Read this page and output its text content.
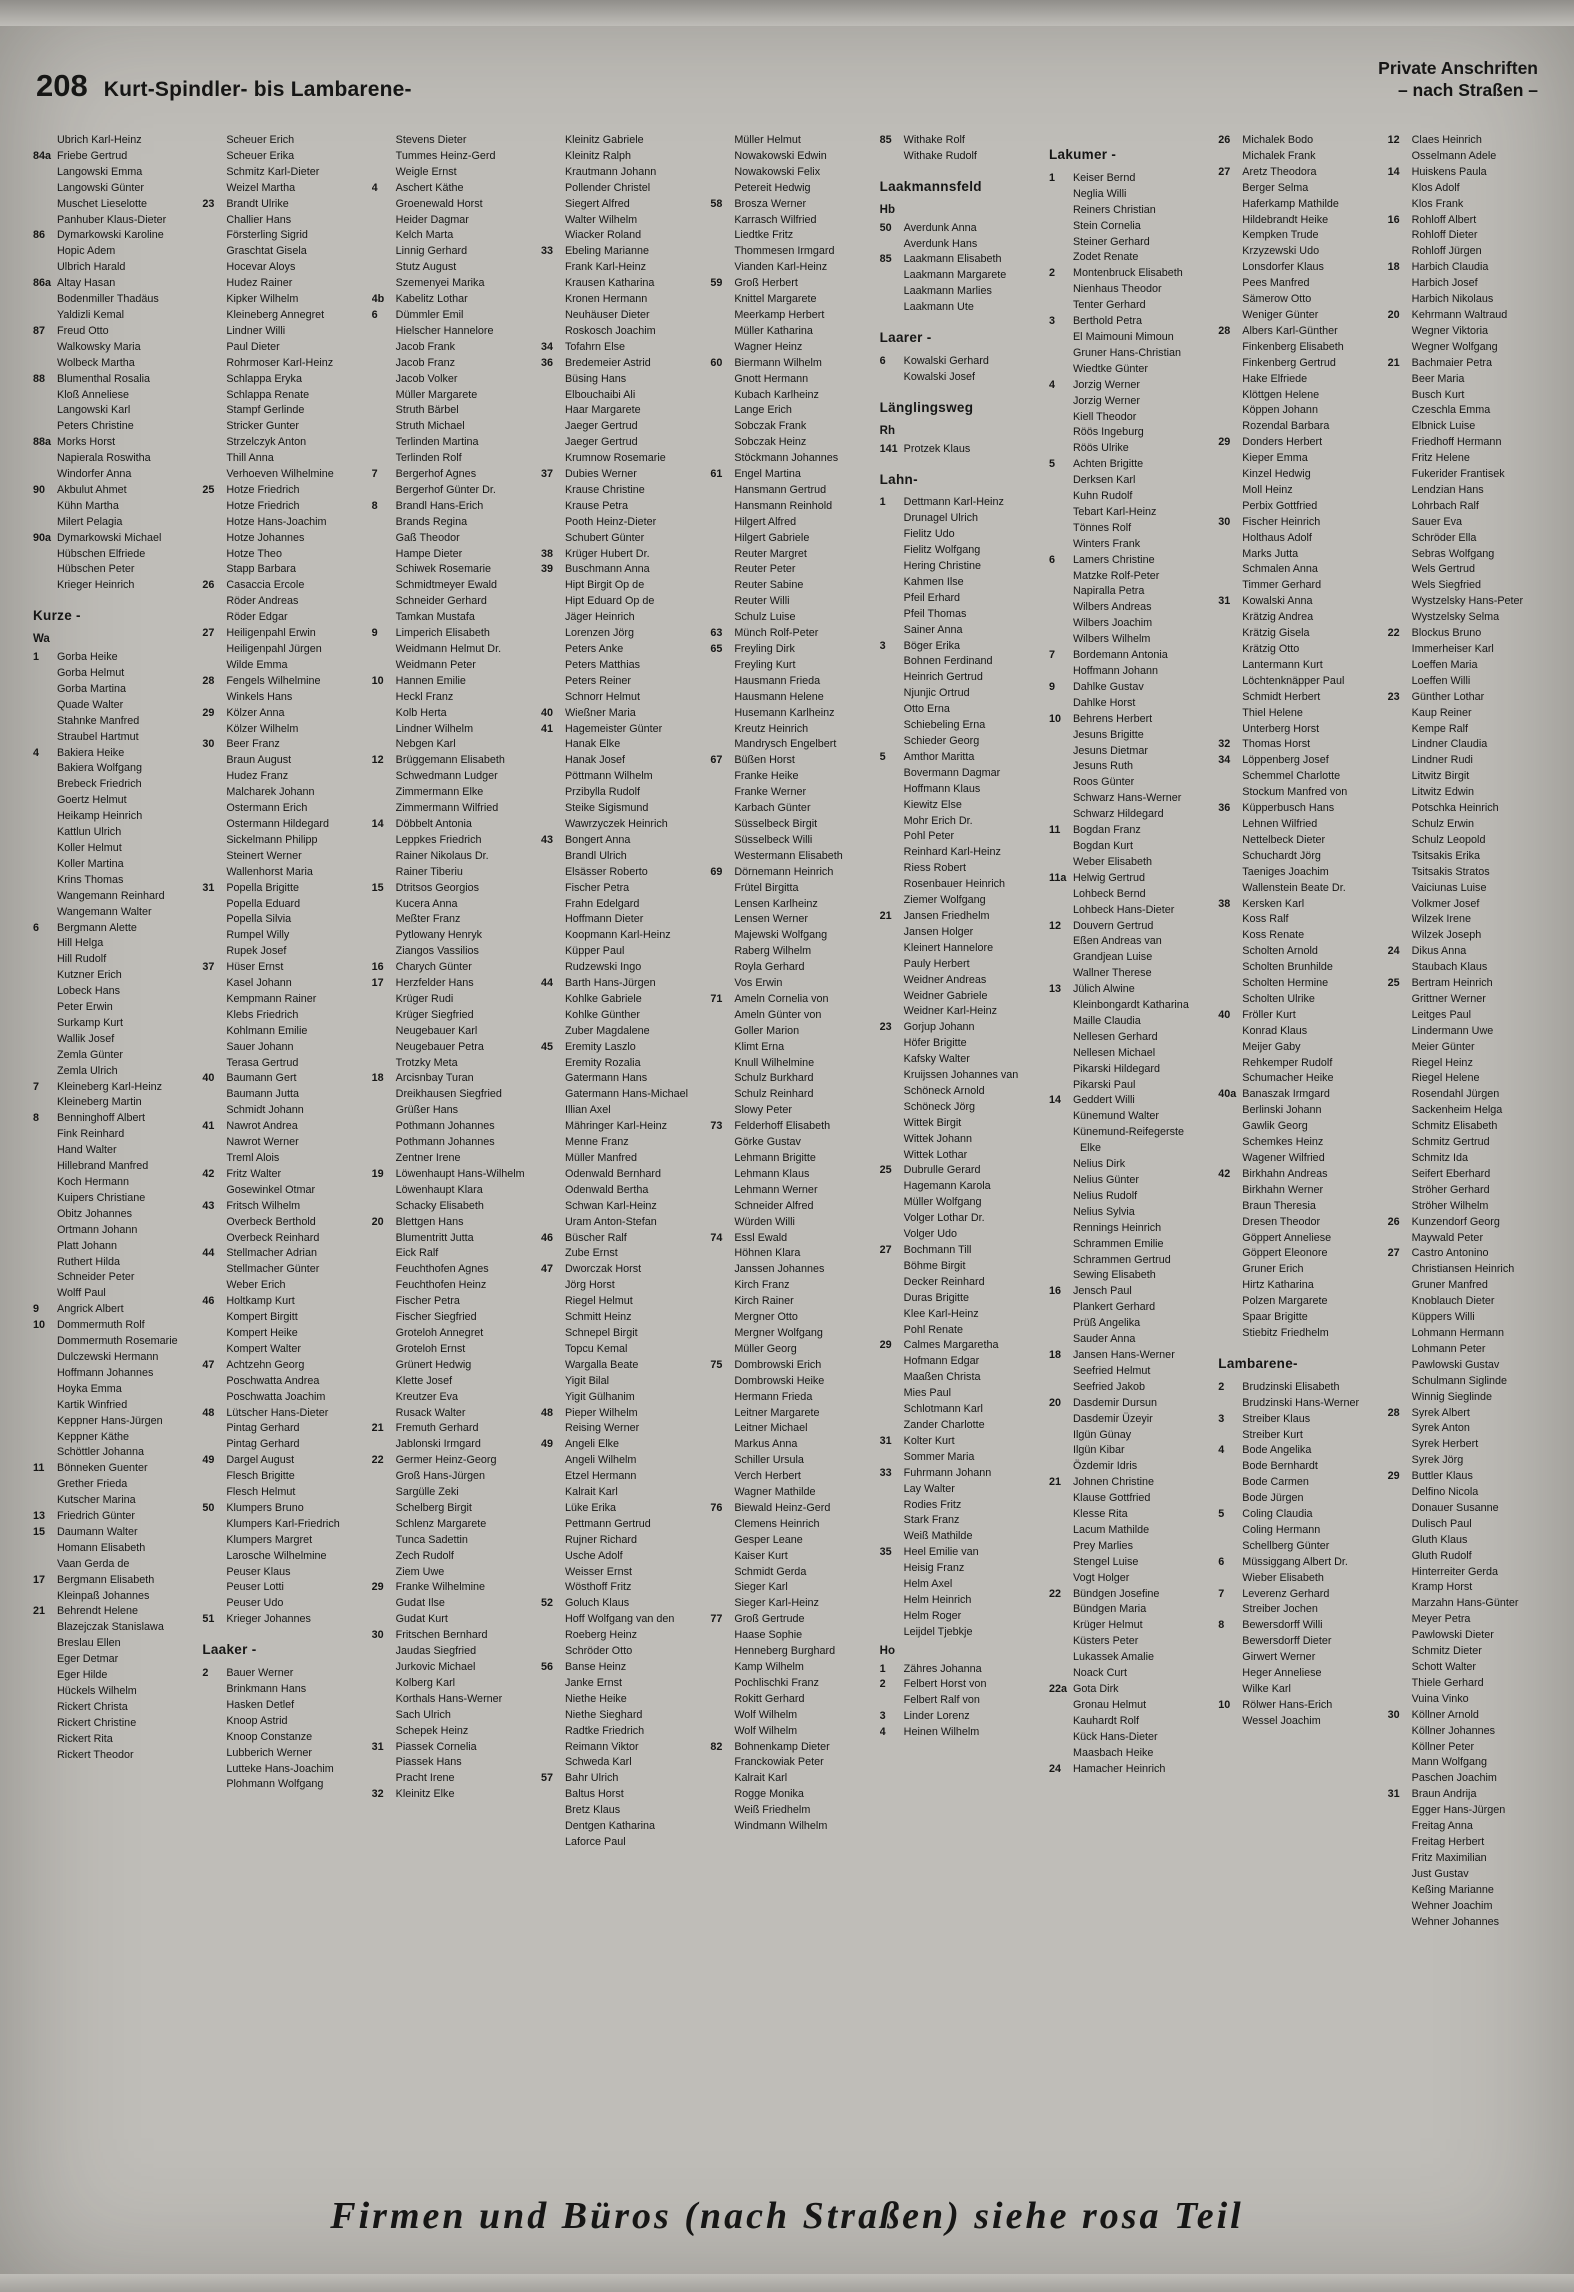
208 Kurt-Spindler- bis Lambarene-
Private Anschriften
– nach Straßen –
Ubrich Karl-Heinz
84a Friebe Gertrud
Langowski Emma
Langowski Günter
Muschet Lieselotte
Panhuber Klaus-Dieter
86	Dymarkowski Karoline
Hopic Adem
Ulbrich Harald
86a Altay Hasan
Bodenmiller Thadäus
Yaldizli Kemal
87	Freud Otto
Walkowsky Maria
Wolbeck Martha
88	Blumenthal Rosalia
Kloß Anneliese
Langowski Karl
Peters Christine
88a Morks Horst
Napierala Roswitha
Windorfer Anna
90	Akbulut Ahmet
Kühn Martha
Milert Pelagia
90a Dymarkowski Michael
Hübschen Elfriede
Hübschen Peter
Krieger Heinrich
Kurze -
Wa
1	Gorba Heike
Gorba Helmut
Gorba Martina
Quade Walter
Stahnke Manfred
Straubel Hartmut
4	Bakiera Heike
Bakiera Wolfgang
Brebeck Friedrich
Goertz Helmut
Heikamp Heinrich
Kattlun Ulrich
Koller Helmut
Koller Martina
Krins Thomas
Wangemann Reinhard
Wangemann Walter
6	Bergmann Alette
Hill Helga
Hill Rudolf
Kutzner Erich
Lobeck Hans
Peter Erwin
Surkamp Kurt
Wallik Josef
Zemla Günter
Zemla Ulrich
7	Kleineberg Karl-Heinz
Kleineberg Martin
8	Benninghoff Albert
Fink Reinhard
Hand Walter
Hillebrand Manfred
Koch Hermann
Kuipers Christiane
Obitz Johannes
Ortmann Johann
Platt Johann
Ruthert Hilda
Schneider Peter
Wolff Paul
9	Angrick Albert
10	Dommermuth Rolf
Dommermuth Rosemarie
Dulczewski Hermann
Hoffmann Johannes
Hoyka Emma
Kartik Winfried
Keppner Hans-Jürgen
Keppner Käthe
Schöttler Johanna
11	Bönneken Guenter
Grether Frieda
Kutscher Marina
13	Friedrich Günter
15	Daumann Walter
Homann Elisabeth
Vaan Gerda de
17	Bergmann Elisabeth
Kleinpaß Johannes
21	Behrendt Helene
Blazejczak Stanislawa
Breslau Ellen
Eger Detmar
Eger Hilde
Hückels Wilhelm
Rickert Christa
Rickert Christine
Rickert Rita
Rickert Theodor
Scheuer Erich
Scheuer Erika
Schmitz Karl-Dieter
Weizel Martha
23	Brandt Ulrike
Challier Hans
Försterling Sigrid
Graschtat Gisela
Hocevar Aloys
Hudez Rainer
Kipker Wilhelm
Kleineberg Annegret
Lindner Willi
Paul Dieter
Rohrmoser Karl-Heinz
Schlappa Eryka
Schlappa Renate
Stampf Gerlinde
Stricker Gunter
Strzelczyk Anton
Thill Anna
Verhoeven Wilhelmine
25	Hotze Friedrich
Hotze Friedrich
Hotze Hans-Joachim
Hotze Johannes
Hotze Theo
Stapp Barbara
26	Casaccia Ercole
Röder Andreas
Röder Edgar
27	Heiligenpahl Erwin
Heiligenpahl Jürgen
Wilde Emma
28	Fengels Wilhelmine
Winkels Hans
29	Kölzer Anna
Kölzer Wilhelm
30	Beer Franz
Braun August
Hudez Franz
Malcharek Johann
Ostermann Erich
Ostermann Hildegard
Sickelmann Philipp
Steinert Werner
Wallenhorst Maria
31	Popella Brigitte
Popella Eduard
Popella Silvia
Rumpel Willy
Rupek Josef
37	Hüser Ernst
Kasel Johann
Kempmann Rainer
Klebs Friedrich
Kohlmann Emilie
Sauer Johann
Terasa Gertrud
40	Baumann Gert
Baumann Jutta
Schmidt Johann
41	Nawrot Andrea
Nawrot Werner
Treml Alois
42	Fritz Walter
Gosewinkel Otmar
43	Fritsch Wilhelm
Overbeck Berthold
Overbeck Reinhard
44	Stellmacher Adrian
Stellmacher Günter
Weber Erich
46	Holtkamp Kurt
Kompert Birgitt
Kompert Heike
Kompert Walter
47	Achtzehn Georg
Poschwatta Andrea
Poschwatta Joachim
48	Lütscher Hans-Dieter
Pintag Gerhard
Pintag Gerhard
49	Dargel August
Flesch Brigitte
Flesch Helmut
50	Klumpers Bruno
Klumpers Karl-Friedrich
Klumpers Margret
Larosche Wilhelmine
Peuser Klaus
Peuser Lotti
Peuser Udo
51	Krieger Johannes
Laaker -
2	Bauer Werner
Brinkmann Hans
Hasken Detlef
Knoop Astrid
Knoop Constanze
Lubberich Werner
Lutteke Hans-Joachim
Plohmann Wolfgang
Stevens Dieter
Tummes Heinz-Gerd
Weigle Ernst
4	Aschert Käthe
Groenewald Horst
Heider Dagmar
Kelch Marta
Linnig Gerhard
Stutz August
Szemenyei Marika
4b	Kabelitz Lothar
6	Dümmler Emil
Hielscher Hannelore
Jacob Frank
Jacob Franz
Jacob Volker
Müller Margarete
Struth Bärbel
Struth Michael
Terlinden Martina
Terlinden Rolf
7	Bergerhof Agnes
Bergerhof Günter Dr.
8	Brandl Hans-Erich
Brands Regina
Gaß Theodor
Hampe Dieter
Schiwek Rosemarie
Schmidtmeyer Ewald
Schneider Gerhard
Tamkan Mustafa
9	Limperich Elisabeth
Weidmann Helmut Dr.
Weidmann Peter
10	Hannen Emilie
Heckl Franz
Kolb Herta
Lindner Wilhelm
Nebgen Karl
12	Brüggemann Elisabeth
Schwedmann Ludger
Zimmermann Elke
Zimmermann Wilfried
14	Döbbelt Antonia
Leppkes Friedrich
Rainer Nikolaus Dr.
Rainer Tiberiu
15	Dtritsos Georgios
Kucera Anna
Meßter Franz
Pytlowany Henryk
Ziangos Vassilios
16	Charych Günter
17	Herzfelder Hans
Krüger Rudi
Krüger Siegfried
Neugebauer Karl
Neugebauer Petra
Trotzky Meta
18	Arcisnbay Turan
Dreikhausen Siegfried
Grüßer Hans
Pothmann Johannes
Pothmann Johannes
Zentner Irene
19	Löwenhaupt Hans-Wilhelm
Löwenhaupt Klara
Schacky Elisabeth
20	Blettgen Hans
Blumentritt Jutta
Eick Ralf
Feuchthofen Agnes
Feuchthofen Heinz
Fischer Petra
Fischer Siegfried
Groteloh Annegret
Groteloh Ernst
Grünert Hedwig
Klette Josef
Kreutzer Eva
Rusack Walter
21	Fremuth Gerhard
Jablonski Irmgard
22	Germer Heinz-Georg
Groß Hans-Jürgen
Sargülle Zeki
Schelberg Birgit
Schlenz Margarete
Tunca Sadettin
Zech Rudolf
Ziem Uwe
29	Franke Wilhelmine
Gudat Ilse
Gudat Kurt
30	Fritschen Bernhard
Jaudas Siegfried
Jurkovic Michael
Kolberg Karl
Korthals Hans-Werner
Sach Ulrich
Schepek Heinz
31	Piassek Cornelia
Piassek Hans
Pracht Irene
32	Kleinitz Elke
Kleinitz Gabriele
Kleinitz Ralph
Krautmann Johann
Pollender Christel
Siegert Alfred
Walter Wilhelm
Wiacker Roland
33	Ebeling Marianne
Frank Karl-Heinz
Krausen Katharina
Kronen Hermann
Neuhäuser Dieter
Roskosch Joachim
34	Tofahrn Else
36	Bredemeier Astrid
Büsing Hans
Elbouchaibi Ali
Haar Margarete
Jaeger Gertrud
Jaeger Gertrud
Krumnow Rosemarie
37	Dubies Werner
Krause Christine
Krause Petra
Pooth Heinz-Dieter
Schubert Günter
38	Krüger Hubert Dr.
39	Buschmann Anna
Hipt Birgit Op de
Hipt Eduard Op de
Jäger Heinrich
Lorenzen Jörg
Peters Anke
Peters Matthias
Peters Reiner
Schnorr Helmut
40	Wießner Maria
41	Hagemeister Günter
Hanak Elke
Hanak Josef
Pöttmann Wilhelm
Przibylla Rudolf
Steike Sigismund
Wawrzyczek Heinrich
43	Bongert Anna
Brandl Ulrich
Elsässer Roberto
Fischer Petra
Frahn Edelgard
Hoffmann Dieter
Koopmann Karl-Heinz
Küpper Paul
Rudzewski Ingo
44	Barth Hans-Jürgen
Kohlke Gabriele
Kohlke Günther
Zuber Magdalene
45	Eremity Laszlo
Eremity Rozalia
Gatermann Hans
Gatermann Hans-Michael
Illian Axel
Mähringer Karl-Heinz
Menne Franz
Müller Manfred
Odenwald Bernhard
Odenwald Bertha
Schwan Karl-Heinz
Uram Anton-Stefan
46	Büscher Ralf
Zube Ernst
47	Dworczak Horst
Jörg Horst
Riegel Helmut
Schmitt Heinz
Schnepel Birgit
Topcu Kemal
Wargalla Beate
Yigit Bilal
Yigit Gülhanim
48	Pieper Wilhelm
Reising Werner
49	Angeli Elke
Angeli Wilhelm
Etzel Hermann
Kalrait Karl
Lüke Erika
Pettmann Gertrud
Rujner Richard
Usche Adolf
Weisser Ernst
Wösthoff Fritz
52	Goluch Klaus
Hoff Wolfgang van den
Roeberg Heinz
Schröder Otto
56	Banse Heinz
Janke Ernst
Niethe Heike
Niethe Sieghard
Radtke Friedrich
Reimann Viktor
Schweda Karl
57	Bahr Ulrich
Baltus Horst
Bretz Klaus
Dentgen Katharina
Laforce Paul
Müller Helmut
Nowakowski Edwin
Nowakowski Felix
Petereit Hedwig
58	Brosza Werner
Karrasch Wilfried
Liedtke Fritz
Thommesen Irmgard
Vianden Karl-Heinz
59	Groß Herbert
Knittel Margarete
Meerkamp Herbert
Müller Katharina
Wagner Heinz
60	Biermann Wilhelm
Gnott Hermann
Kubach Karlheinz
Lange Erich
Sobczak Frank
Sobczak Heinz
Stöckmann Johannes
61	Engel Martina
Hansmann Gertrud
Hansmann Reinhold
Hilgert Alfred
Hilgert Gabriele
Reuter Margret
Reuter Peter
Reuter Sabine
Reuter Willi
Schulz Luise
63	Münch Rolf-Peter
65	Freyling Dirk
Freyling Kurt
Hausmann Frieda
Hausmann Helene
Husemann Karlheinz
Kreutz Heinrich
Mandrysch Engelbert
67	Büßen Horst
Franke Heike
Franke Werner
Karbach Günter
Süsselbeck Birgit
Süsselbeck Willi
Westermann Elisabeth
69	Dörnemann Heinrich
Frütel Birgitta
Lensen Karlheinz
Lensen Werner
Majewski Wolfgang
Raberg Wilhelm
Royla Gerhard
Vos Erwin
71	Ameln Cornelia von
Ameln Günter von
Goller Marion
Klimt Erna
Knull Wilhelmine
Schulz Burkhard
Schulz Reinhard
Slowy Peter
73	Felderhoff Elisabeth
Görke Gustav
Lehmann Brigitte
Lehmann Klaus
Lehmann Werner
Schneider Alfred
Würden Willi
74	Essl Ewald
Höhnen Klara
Janssen Johannes
Kirch Franz
Kirch Rainer
Mergner Otto
Mergner Wolfgang
Müller Georg
75	Dombrowski Erich
Dombrowski Heike
Hermann Frieda
Leitner Margarete
Leitner Michael
Markus Anna
Schiller Ursula
Verch Herbert
Wagner Mathilde
76	Biewald Heinz-Gerd
Clemens Heinrich
Gesper Leane
Kaiser Kurt
Schmidt Gerda
Sieger Karl
Sieger Karl-Heinz
77	Groß Gertrude
Haase Sophie
Henneberg Burghard
Kamp Wilhelm
Pochlischki Franz
Rokitt Gerhard
Wolf Wilhelm
Wolf Wilhelm
82	Bohnenkamp Dieter
Franckowiak Peter
Kalrait Karl
Rogge Monika
Weiß Friedhelm
Windmann Wilhelm
85	Withake Rolf
Withake Rudolf
Laakmannsfeld
Hb
50	Averdunk Anna
Averdunk Hans
85	Laakmann Elisabeth
Laakmann Margarete
Laakmann Marlies
Laakmann Ute
Laarer -
6	Kowalski Gerhard
Kowalski Josef
Länglingsweg
Rh
141 Protzek Klaus
Lahn-
1	Dettmann Karl-Heinz
Drunagel Ulrich
Fielitz Udo
Fielitz Wolfgang
Hering Christine
Kahmen Ilse
Pfeil Erhard
Pfeil Thomas
Sainer Anna
3	Böger Erika
Bohnen Ferdinand
Heinrich Gertrud
Njunjic Ortrud
Otto Erna
Schiebeling Erna
Schieder Georg
5	Amthor Maritta
Bovermann Dagmar
Hoffmann Klaus
Kiewitz Else
Mohr Erich Dr.
Pohl Peter
Reinhard Karl-Heinz
Riess Robert
Rosenbauer Heinrich
Ziemer Wolfgang
21	Jansen Friedhelm
Jansen Holger
Kleinert Hannelore
Pauly Herbert
Weidner Andreas
Weidner Gabriele
Weidner Karl-Heinz
23	Gorjup Johann
Höfer Brigitte
Kafsky Walter
Kruijssen Johannes van
Schöneck Arnold
Schöneck Jörg
Wittek Birgit
Wittek Johann
Wittek Lothar
25	Dubrulle Gerard
Hagemann Karola
Müller Wolfgang
Volger Lothar Dr.
Volger Udo
27	Bochmann Till
Böhme Birgit
Decker Reinhard
Duras Brigitte
Klee Karl-Heinz
Pohl Renate
29	Calmes Margaretha
Hofmann Edgar
Maaßen Christa
Mies Paul
Schlotmann Karl
Zander Charlotte
31	Kolter Kurt
Sommer Maria
33	Fuhrmann Johann
Lay Walter
Rodies Fritz
Stark Franz
Weiß Mathilde
35	Heel Emilie van
Heisig Franz
Helm Axel
Helm Heinrich
Helm Roger
Leijdel Tjebkje
Ho
1	Zähres Johanna
2	Felbert Horst von
Felbert Ralf von
3	Linder Lorenz
4	Heinen Wilhelm
Lakumer -
1	Keiser Bernd
Neglia Willi
Reiners Christian
Stein Cornelia
Steiner Gerhard
Zodet Renate
2	Montenbruck Elisabeth
Nienhaus Theodor
Tenter Gerhard
3	Berthold Petra
El Maimouni Mimoun
Gruner Hans-Christian
Wiedtke Günter
4	Jorzig Werner
Jorzig Werner
Kiell Theodor
Röös Ingeburg
Röös Ulrike
5	Achten Brigitte
Derksen Karl
Kuhn Rudolf
Tebart Karl-Heinz
Tönnes Rolf
Winters Frank
6	Lamers Christine
Matzke Rolf-Peter
Napiralla Petra
Wilbers Andreas
Wilbers Joachim
Wilbers Wilhelm
7	Bordemann Antonia
Hoffmann Johann
9	Dahlke Gustav
Dahlke Horst
10	Behrens Herbert
Jesuns Brigitte
Jesuns Dietmar
Jesuns Ruth
Roos Günter
Schwarz Hans-Werner
Schwarz Hildegard
11	Bogdan Franz
Bogdan Kurt
Weber Elisabeth
11a Helwig Gertrud
Lohbeck Bernd
Lohbeck Hans-Dieter
12	Douvern Gertrud
Eßen Andreas van
Grandjean Luise
Wallner Therese
13	Jülich Alwine
Kleinbongardt Katharina
Maille Claudia
Nellesen Gerhard
Nellesen Michael
Pikarski Hildegard
Pikarski Paul
14	Geddert Willi
Künemund Walter
Künemund-Reifegerste Elke
Nelius Dirk
Nelius Günter
Nelius Rudolf
Nelius Sylvia
Rennings Heinrich
Schrammen Emilie
Schrammen Gertrud
Sewing Elisabeth
16	Jensch Paul
Plankert Gerhard
Prüß Angelika
Sauder Anna
18	Jansen Hans-Werner
Seefried Helmut
Seefried Jakob
20	Dasdemir Dursun
Dasdemir Üzeyir
Ilgün Günay
Ilgün Kibar
Özdemir Idris
21	Johnen Christine
Klause Gottfried
Klesse Rita
Lacum Mathilde
Prey Marlies
Stengel Luise
Vogt Holger
22	Bündgen Josefine
Bündgen Maria
Krüger Helmut
Küsters Peter
Lukassek Amalie
Noack Curt
22a Gota Dirk
Gronau Helmut
Kauhardt Rolf
Kück Hans-Dieter
Maasbach Heike
24	Hamacher Heinrich
26	Michalek Bodo
Michalek Frank
27	Aretz Theodora
Berger Selma
Haferkamp Mathilde
Hildebrandt Heike
Kempken Trude
Krzyzewski Udo
Lonsdorfer Klaus
Pees Manfred
Sämerow Otto
Weniger Günter
28	Albers Karl-Günther
Finkenberg Elisabeth
Finkenberg Gertrud
Hake Elfriede
Klöttgen Helene
Köppen Johann
Rozendal Barbara
29	Donders Herbert
Kieper Emma
Kinzel Hedwig
Moll Heinz
Perbix Gottfried
30	Fischer Heinrich
Holthaus Adolf
Marks Jutta
Schmalen Anna
Timmer Gerhard
31	Kowalski Anna
Krätzig Andrea
Krätzig Gisela
Krätzig Otto
Lantermann Kurt
Löchtenknäpper Paul
Schmidt Herbert
Thiel Helene
Unterberg Horst
32	Thomas Horst
34	Löppenberg Josef
Schemmel Charlotte
Stockum Manfred von
36	Küpperbusch Hans
Lehnen Wilfried
Nettelbeck Dieter
Schuchardt Jörg
Taeniges Joachim
Wallenstein Beate Dr.
38	Kersken Karl
Koss Ralf
Koss Renate
Scholten Arnold
Scholten Brunhilde
Scholten Hermine
Scholten Ulrike
40	Fröller Kurt
Konrad Klaus
Meijer Gaby
Rehkemper Rudolf
Schumacher Heike
40a Banaszak Irmgard
Berlinski Johann
Gawlik Georg
Schemkes Heinz
Wagener Wilfried
42	Birkhahn Andreas
Birkhahn Werner
Braun Theresia
Dresen Theodor
Göppert Anneliese
Göppert Eleonore
Gruner Erich
Hirtz Katharina
Polzen Margarete
Spaar Brigitte
Stiebitz Friedhelm
Lambarene-
2	Brudzinski Elisabeth
Brudzinski Hans-Werner
3	Streiber Klaus
Streiber Kurt
4	Bode Angelika
Bode Bernhardt
Bode Carmen
Bode Jürgen
5	Coling Claudia
Coling Hermann
Schellberg Günter
6	Müssiggang Albert Dr.
Wieber Elisabeth
7	Leverenz Gerhard
Streiber Jochen
8	Bewersdorff Willi
Bewersdorff Dieter
Girwert Werner
Heger Anneliese
Wilke Karl
10	Rölwer Hans-Erich
Wessel Joachim
12	Claes Heinrich
Osselmann Adele
14	Huiskens Paula
Klos Adolf
Klos Frank
16	Rohloff Albert
Rohloff Dieter
Rohloff Jürgen
18	Harbich Claudia
Harbich Josef
Harbich Nikolaus
20	Kehrmann Waltraud
Wegner Viktoria
Wegner Wolfgang
21	Bachmaier Petra
Beer Maria
Busch Kurt
Czeschla Emma
Elbnick Luise
Friedhoff Hermann
Fritz Helene
Fukerider Frantisek
Lendzian Hans
Lohrbach Ralf
Sauer Eva
Schröder Ella
Sebras Wolfgang
Wels Gertrud
Wels Siegfried
Wystzelsky Hans-Peter
Wystzelsky Selma
22	Blockus Bruno
Immerheiser Karl
Loeffen Maria
Loeffen Willi
23	Günther Lothar
Kaup Reiner
Kempe Ralf
Lindner Claudia
Lindner Rudi
Litwitz Birgit
Litwitz Edwin
Potschka Heinrich
Schulz Erwin
Schulz Leopold
Tsitsakis Erika
Tsitsakis Stratos
Vaiciunas Luise
Volkmer Josef
Wilzek Irene
Wilzek Joseph
24	Dikus Anna
Staubach Klaus
25	Bertram Heinrich
Grittner Werner
Leitges Paul
Lindermann Uwe
Meier Günter
Riegel Heinz
Riegel Helene
Rosendahl Jürgen
Sackenheim Helga
Schmitz Elisabeth
Schmitz Gertrud
Schmitz Ida
Seifert Eberhard
Ströher Gerhard
Ströher Wilhelm
26	Kunzendorf Georg
Maywald Peter
27	Castro Antonino
Christiansen Heinrich
Gruner Manfred
Knoblauch Dieter
Küppers Willi
Lohmann Hermann
Lohmann Peter
Pawlowski Gustav
Schulmann Siglinde
Winnig Sieglinde
28	Syrek Albert
Syrek Anton
Syrek Herbert
Syrek Jörg
29	Buttler Klaus
Delfino Nicola
Donauer Susanne
Dulisch Paul
Gluth Klaus
Gluth Rudolf
Hinterreiter Gerda
Kramp Horst
Marzahn Hans-Günter
Meyer Petra
Pawlowski Dieter
Schmitz Dieter
Schott Walter
Thiele Gerhard
Vuina Vinko
30	Köllner Arnold
Köllner Johannes
Köllner Peter
Mann Wolfgang
Paschen Joachim
31	Braun Andrija
Egger Hans-Jürgen
Freitag Anna
Freitag Herbert
Fritz Maximilian
Just Gustav
Keßing Marianne
Wehner Joachim
Wehner Johannes
Firmen und Büros (nach Straßen) siehe rosa Teil
